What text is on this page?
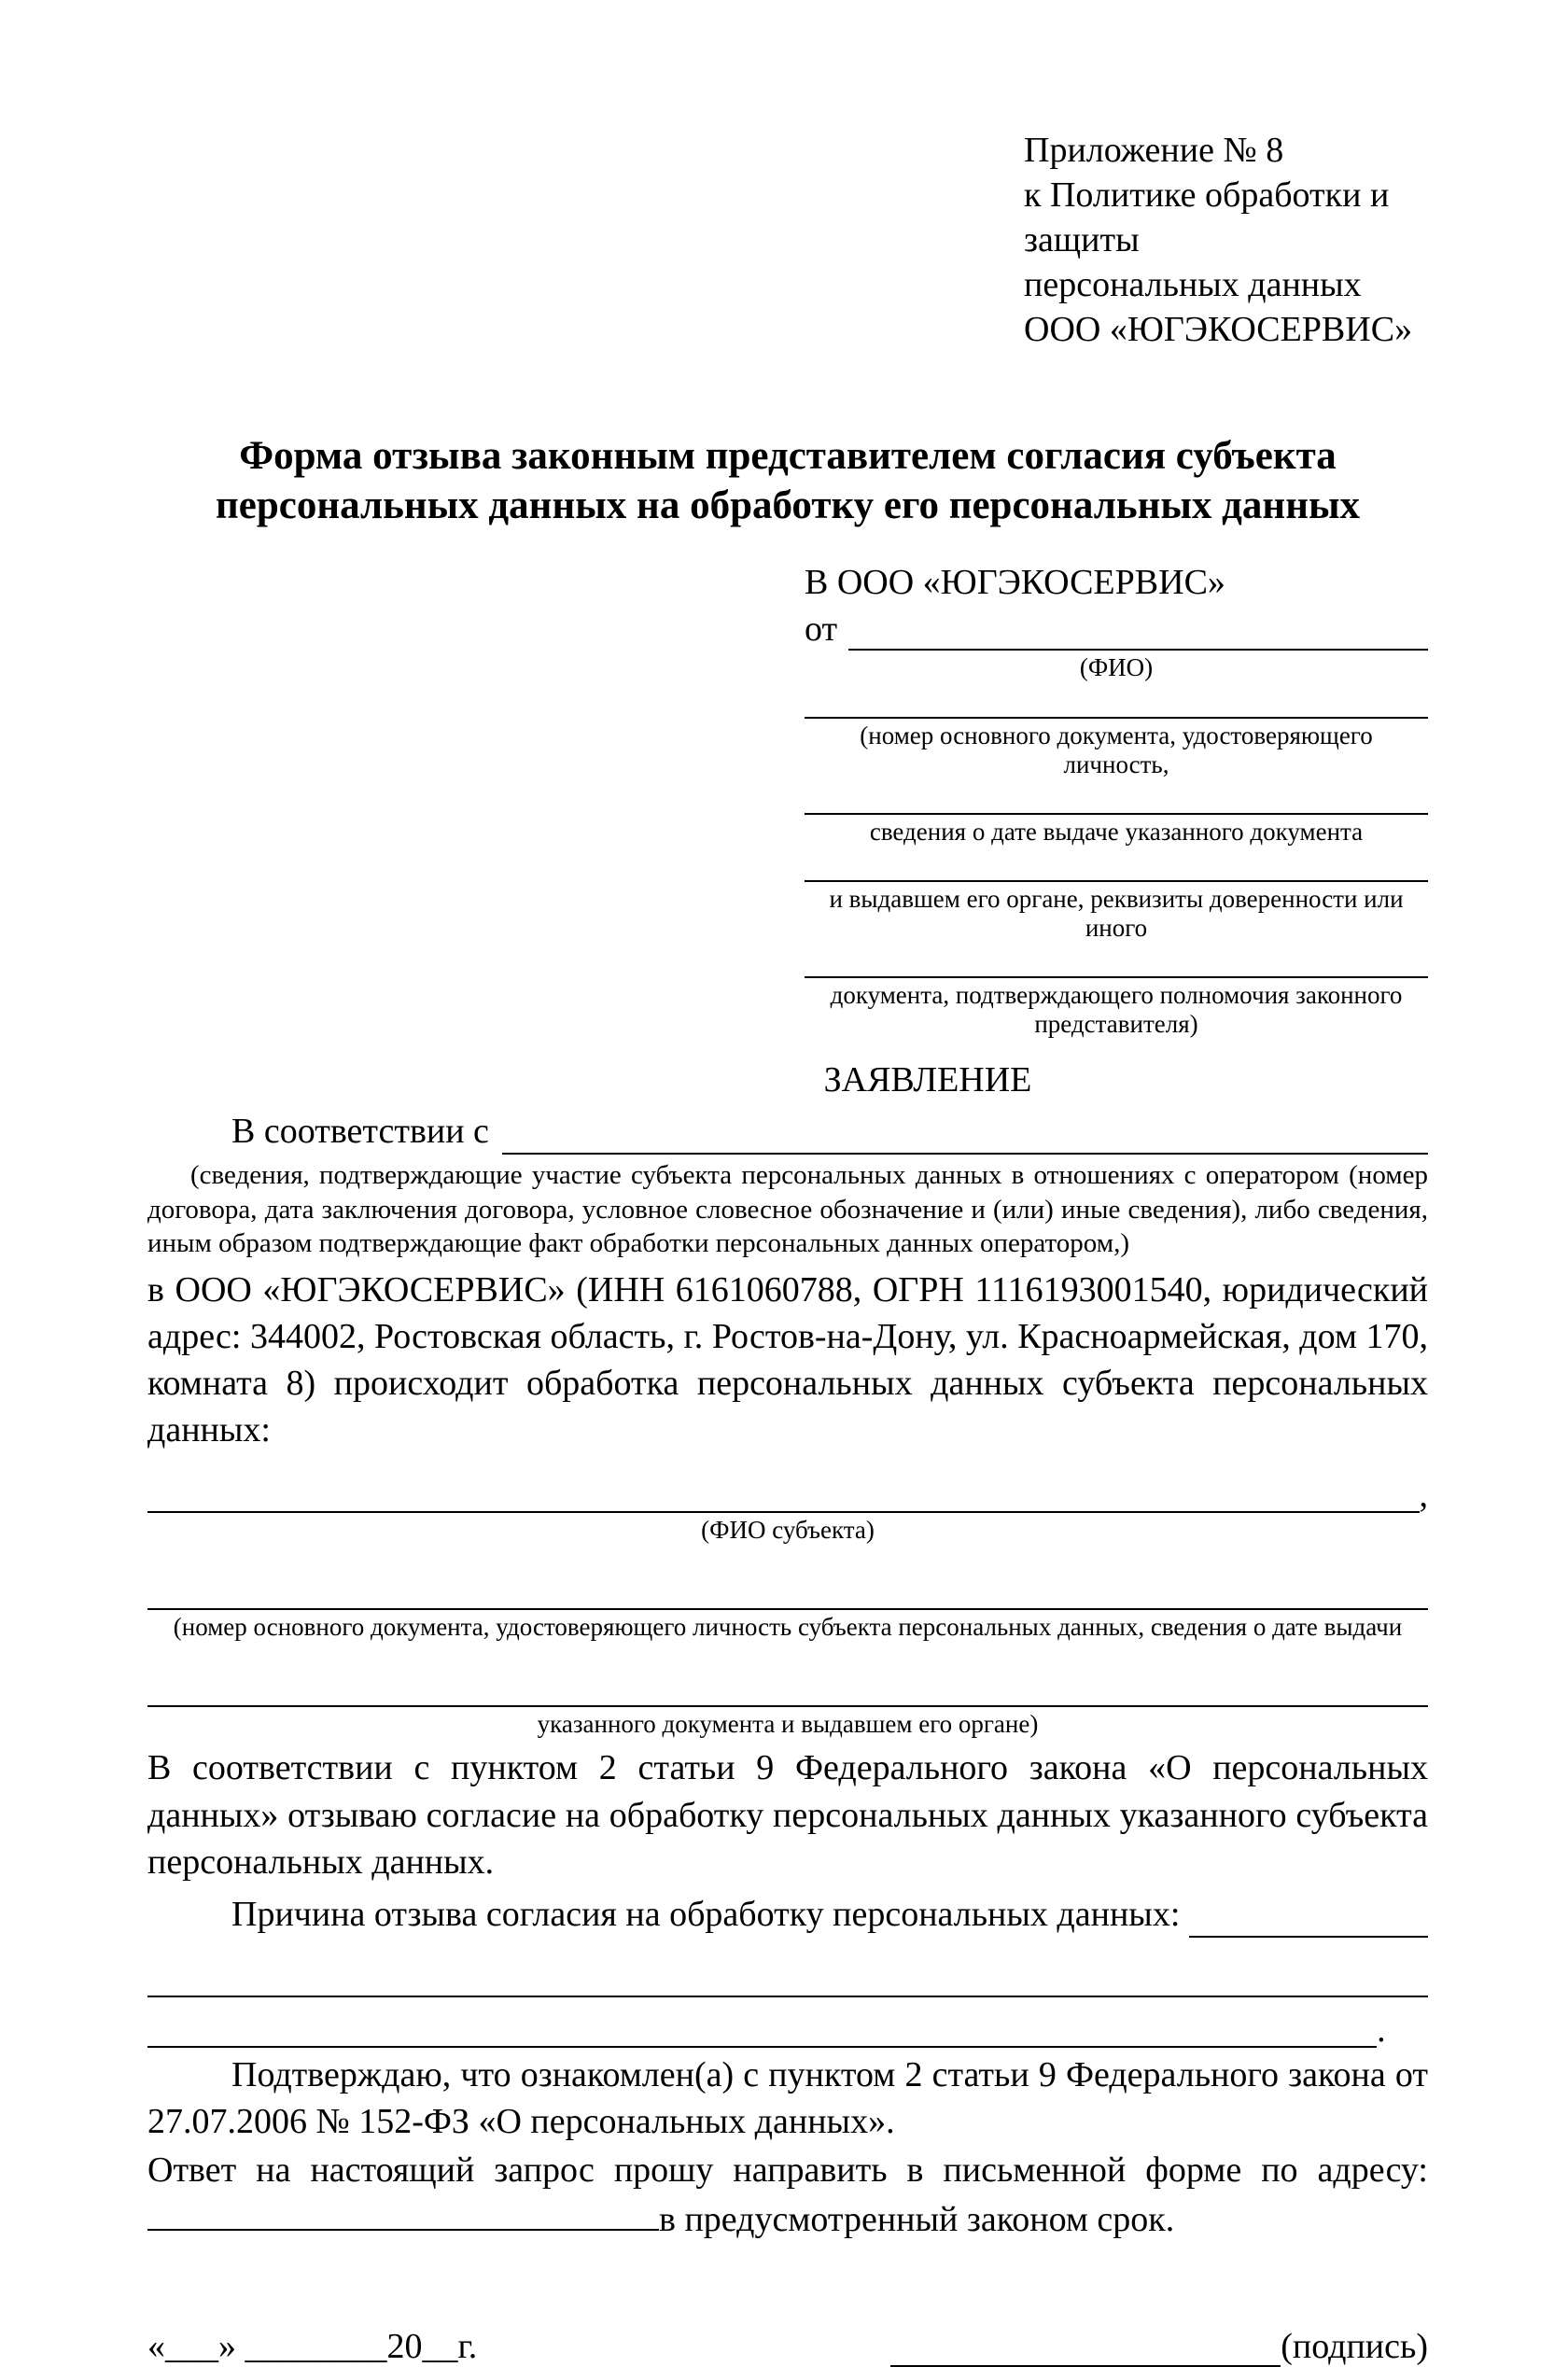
Приложение № 8
к Политике обработки и защиты
персональных данных
ООО «ЮГЭКОСЕРВИС»
Форма отзыва законным представителем согласия субъекта
персональных данных на обработку его персональных данных
В ООО «ЮГЭКОСЕРВИС»
от
(ФИО)
(номер основного документа, удостоверяющего личность,
сведения о дате выдаче указанного документа
и выдавшем его органе, реквизиты доверенности или иного
документа, подтверждающего полномочия законного представителя)
ЗАЯВЛЕНИЕ
В соответствии с
(сведения, подтверждающие участие субъекта персональных данных в отношениях с оператором (номер договора, дата заключения договора, условное словесное обозначение и (или) иные сведения), либо сведения, иным образом подтверждающие факт обработки персональных данных оператором,)
в ООО «ЮГЭКОСЕРВИС» (ИНН 6161060788, ОГРН 1116193001540, юридический адрес: 344002, Ростовская область, г. Ростов-на-Дону, ул. Красноармейская, дом 170, комната 8) происходит обработка персональных данных субъекта персональных данных:
,
(ФИО субъекта)
(номер основного документа, удостоверяющего личность субъекта персональных данных, сведения о дате выдачи
указанного документа и выдавшем его органе)
В соответствии с пунктом 2 статьи 9 Федерального закона «О персональных данных» отзываю согласие на обработку персональных данных указанного субъекта персональных данных.
Причина отзыва согласия на обработку персональных данных:
.
Подтверждаю, что ознакомлен(а) с пунктом 2 статьи 9 Федерального закона от 27.07.2006 № 152-ФЗ «О персональных данных».
Ответ на настоящий запрос прошу направить в письменной форме по адресу: в предусмотренный законом срок.
«___» ________20__г.	(подпись)
